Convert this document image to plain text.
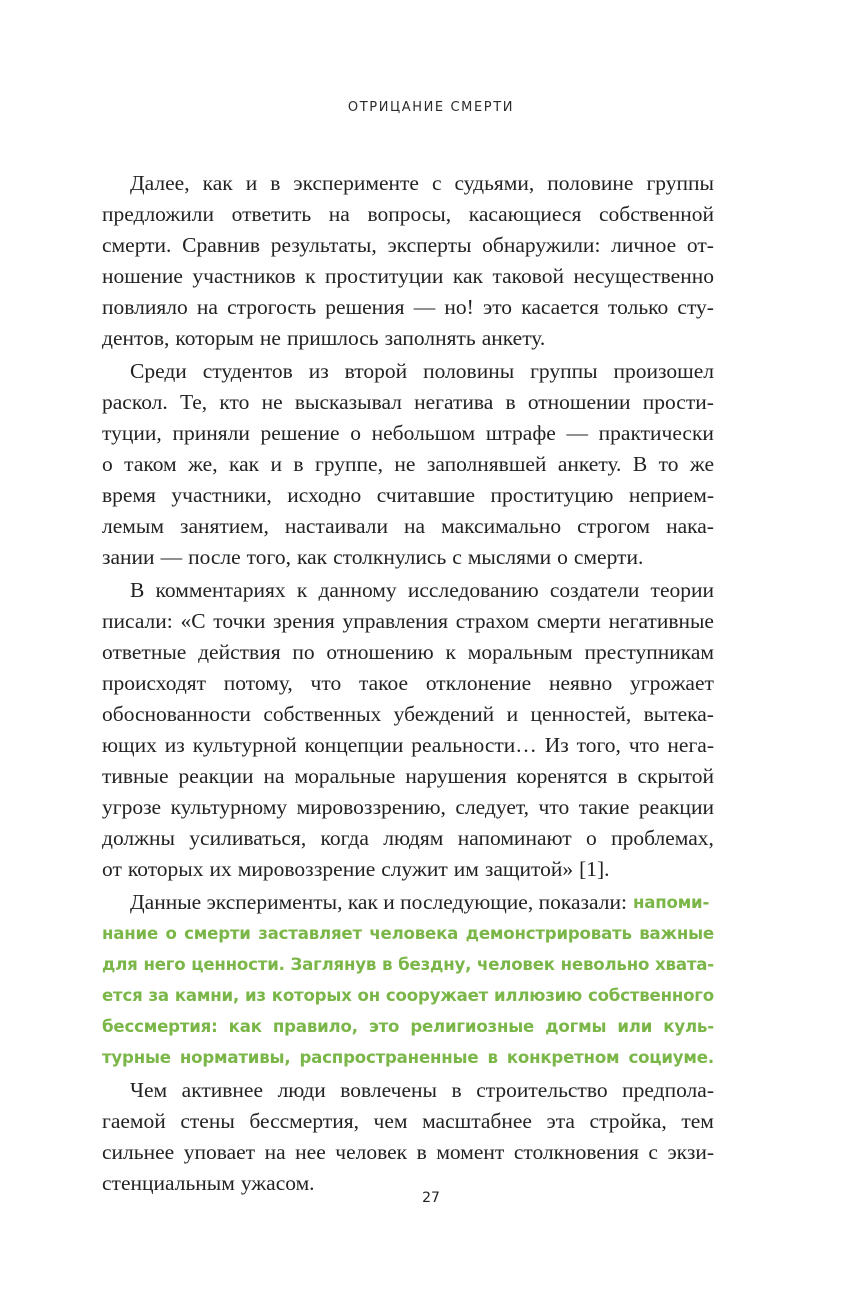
ОТРИЦАНИЕ СМЕРТИ
Далее, как и в эксперименте с судьями, половине группы
предложили ответить на вопросы, касающиеся собственной
смерти. Сравнив результаты, эксперты обнаружили: личное от-
ношение участников к проституции как таковой несущественно
повлияло на строгость решения — но! это касается только сту-
дентов, которым не пришлось заполнять анкету.
Среди студентов из второй половины группы произошел
раскол. Те, кто не высказывал негатива в отношении прости-
туции, приняли решение о небольшом штрафе — практически
о таком же, как и в группе, не заполнявшей анкету. В то же
время участники, исходно считавшие проституцию неприем-
лемым занятием, настаивали на максимально строгом нака-
зании — после того, как столкнулись с мыслями о смерти.
В комментариях к данному исследованию создатели теории
писали: «С точки зрения управления страхом смерти негативные
ответные действия по отношению к моральным преступникам
происходят потому, что такое отклонение неявно угрожает
обоснованности собственных убеждений и ценностей, вытека-
ющих из культурной концепции реальности… Из того, что нега-
тивные реакции на моральные нарушения коренятся в скрытой
угрозе культурному мировоззрению, следует, что такие реакции
должны усиливаться, когда людям напоминают о проблемах,
от которых их мировоззрение служит им защитой» [1].
Данные эксперименты, как и последующие, показали: напоми-
нание о смерти заставляет человека демонстрировать важные
для него ценности. Заглянув в бездну, человек невольно хвата-
ется за камни, из которых он сооружает иллюзию собственного
бессмертия: как правило, это религиозные догмы или куль-
турные нормативы, распространенные в конкретном социуме.
Чем активнее люди вовлечены в строительство предпола-
гаемой стены бессмертия, чем масштабнее эта стройка, тем
сильнее уповает на нее человек в момент столкновения с экзи-
стенциальным ужасом.
27
